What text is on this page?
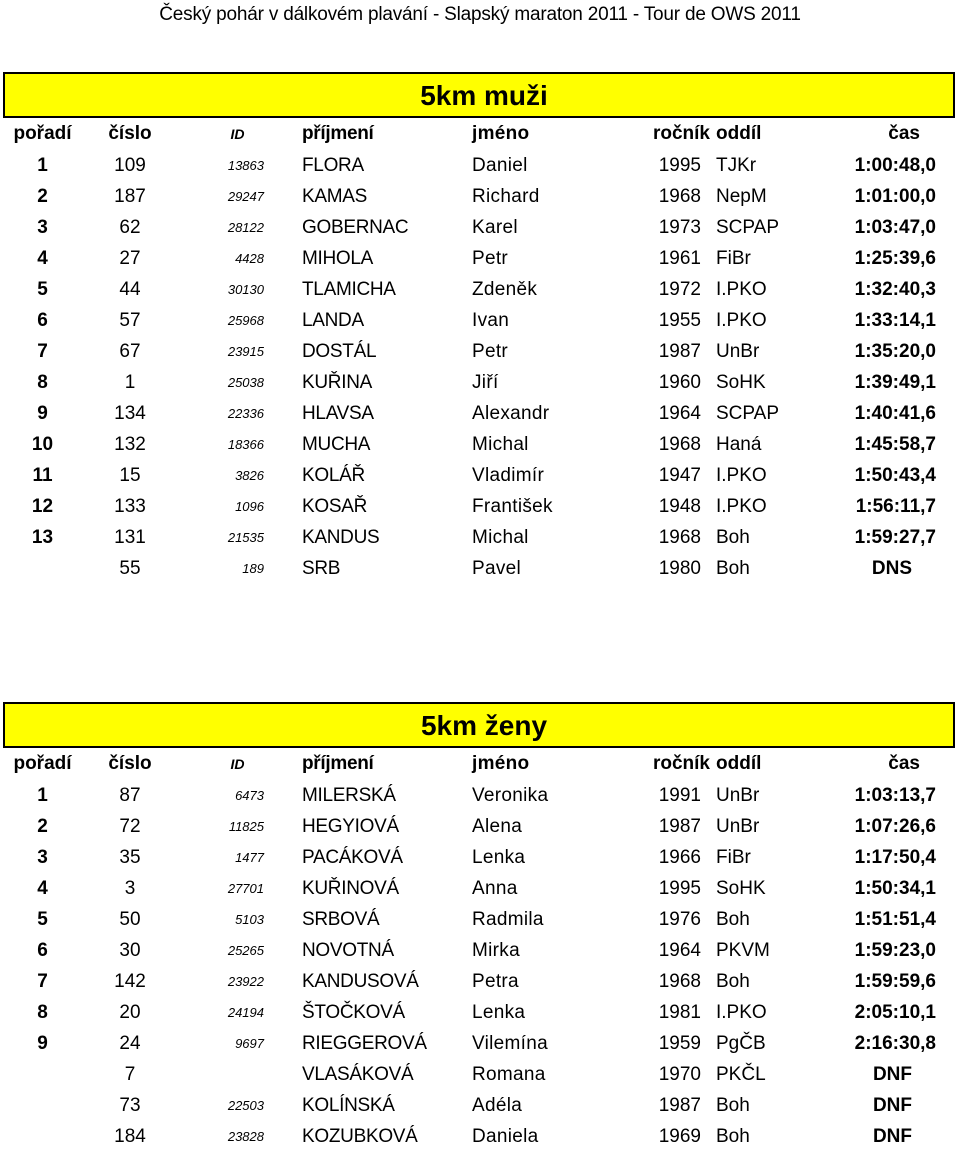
Český pohár v dálkovém plavání - Slapský maraton 2011 - Tour de OWS 2011
5km muži
pořadí	číslo	ID	příjmení	jméno	ročník	oddíl	čas
1	109	13863	FLORA	Daniel	1995	TJKr	1:00:48,0
2	187	29247	KAMAS	Richard	1968	NepM	1:01:00,0
3	62	28122	GOBERNAC	Karel	1973	SCPAP	1:03:47,0
4	27	4428	MIHOLA	Petr	1961	FiBr	1:25:39,6
5	44	30130	TLAMICHA	Zdeněk	1972	I.PKO	1:32:40,3
6	57	25968	LANDA	Ivan	1955	I.PKO	1:33:14,1
7	67	23915	DOSTÁL	Petr	1987	UnBr	1:35:20,0
8	1	25038	KUŘINA	Jiří	1960	SoHK	1:39:49,1
9	134	22336	HLAVSA	Alexandr	1964	SCPAP	1:40:41,6
10	132	18366	MUCHA	Michal	1968	Haná	1:45:58,7
11	15	3826	KOLÁŘ	Vladimír	1947	I.PKO	1:50:43,4
12	133	1096	KOSAŘ	František	1948	I.PKO	1:56:11,7
13	131	21535	KANDUS	Michal	1968	Boh	1:59:27,7
	55	189	SRB	Pavel	1980	Boh	DNS
5km ženy
pořadí	číslo	ID	příjmení	jméno	ročník	oddíl	čas
1	87	6473	MILERSKÁ	Veronika	1991	UnBr	1:03:13,7
2	72	11825	HEGYIOVÁ	Alena	1987	UnBr	1:07:26,6
3	35	1477	PACÁKOVÁ	Lenka	1966	FiBr	1:17:50,4
4	3	27701	KUŘINOVÁ	Anna	1995	SoHK	1:50:34,1
5	50	5103	SRBOVÁ	Radmila	1976	Boh	1:51:51,4
6	30	25265	NOVOTNÁ	Mirka	1964	PKVM	1:59:23,0
7	142	23922	KANDUSOVÁ	Petra	1968	Boh	1:59:59,6
8	20	24194	ŠTOČKOVÁ	Lenka	1981	I.PKO	2:05:10,1
9	24	9697	RIEGGEROVÁ	Vilemína	1959	PgČB	2:16:30,8
	7		VLASÁKOVÁ	Romana	1970	PKČL	DNF
	73	22503	KOLÍNSKÁ	Adéla	1987	Boh	DNF
	184	23828	KOZUBKOVÁ	Daniela	1969	Boh	DNF
